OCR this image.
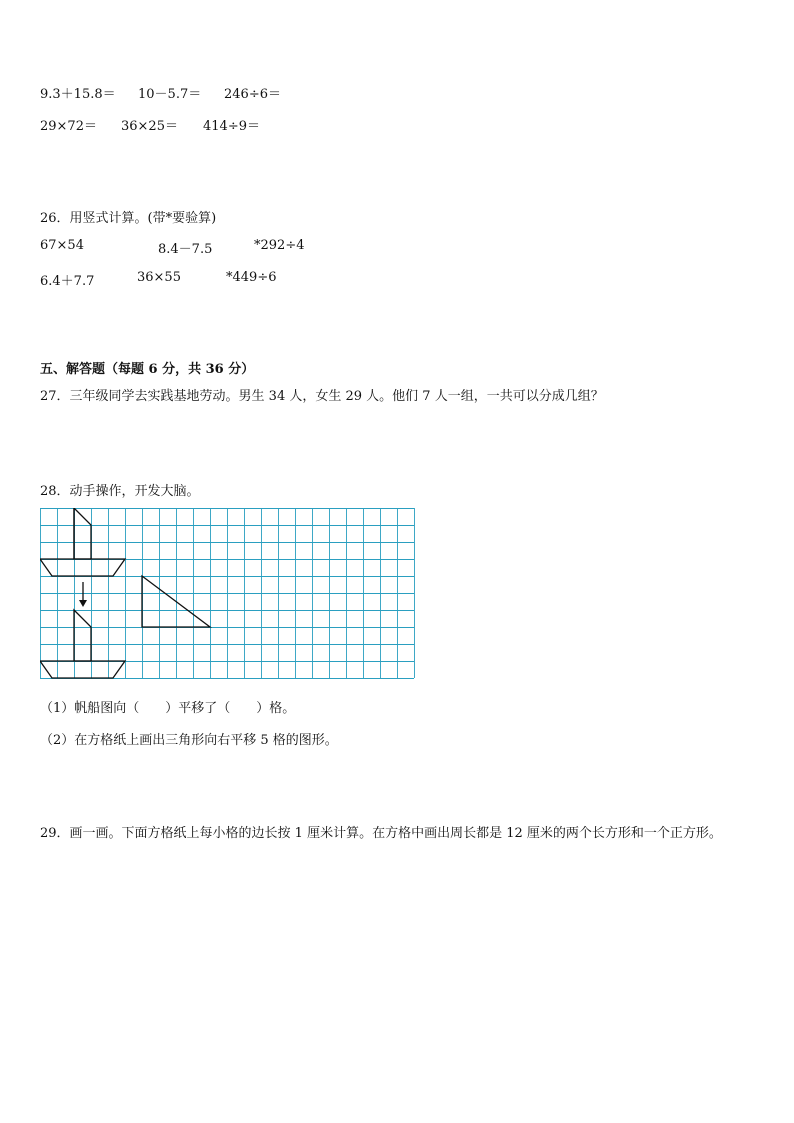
9.3＋15.8＝ 10－5.7＝ 246÷6＝
29×72＝ 36×25＝ 414÷9＝
26．用竖式计算。(带*要验算)
67×54	8.4－7.5	*292÷4
6.4＋7.7	36×55	*449÷6
五、解答题（每题 6 分，共 36 分）
27．三年级同学去实践基地劳动。男生 34 人，女生 29 人。他们 7 人一组，一共可以分成几组？
28．动手操作，开发大脑。
（1）帆船图向（　　）平移了（　　）格。
（2）在方格纸上画出三角形向右平移 5 格的图形。
29．画一画。下面方格纸上每小格的边长按 1 厘米计算。在方格中画出周长都是 12 厘米的两个长方形和一个正方形。
